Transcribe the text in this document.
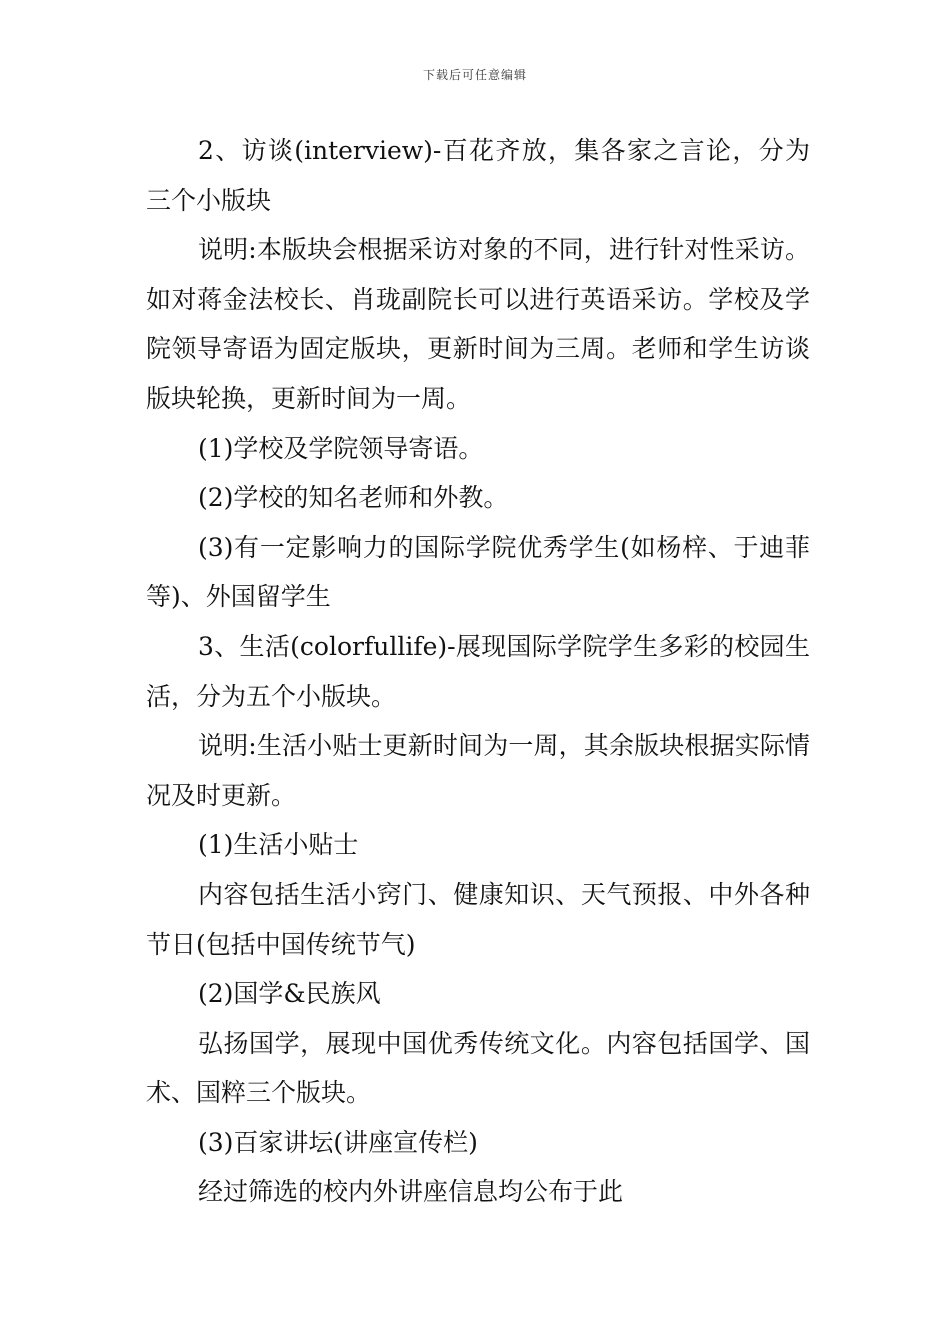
下载后可任意编辑

2、访谈(interview)-百花齐放，集各家之言论，分为三个小版块

说明:本版块会根据采访对象的不同，进行针对性采访。如对蒋金法校长、肖珑副院长可以进行英语采访。学校及学院领导寄语为固定版块，更新时间为三周。老师和学生访谈版块轮换，更新时间为一周。

(1)学校及学院领导寄语。

(2)学校的知名老师和外教。

(3)有一定影响力的国际学院优秀学生(如杨梓、于迪菲等)、外国留学生

3、生活(colorfullife)-展现国际学院学生多彩的校园生活，分为五个小版块。

说明:生活小贴士更新时间为一周，其余版块根据实际情况及时更新。

(1)生活小贴士

内容包括生活小窍门、健康知识、天气预报、中外各种节日(包括中国传统节气)

(2)国学&民族风

弘扬国学，展现中国优秀传统文化。内容包括国学、国术、国粹三个版块。

(3)百家讲坛(讲座宣传栏)

经过筛选的校内外讲座信息均公布于此
